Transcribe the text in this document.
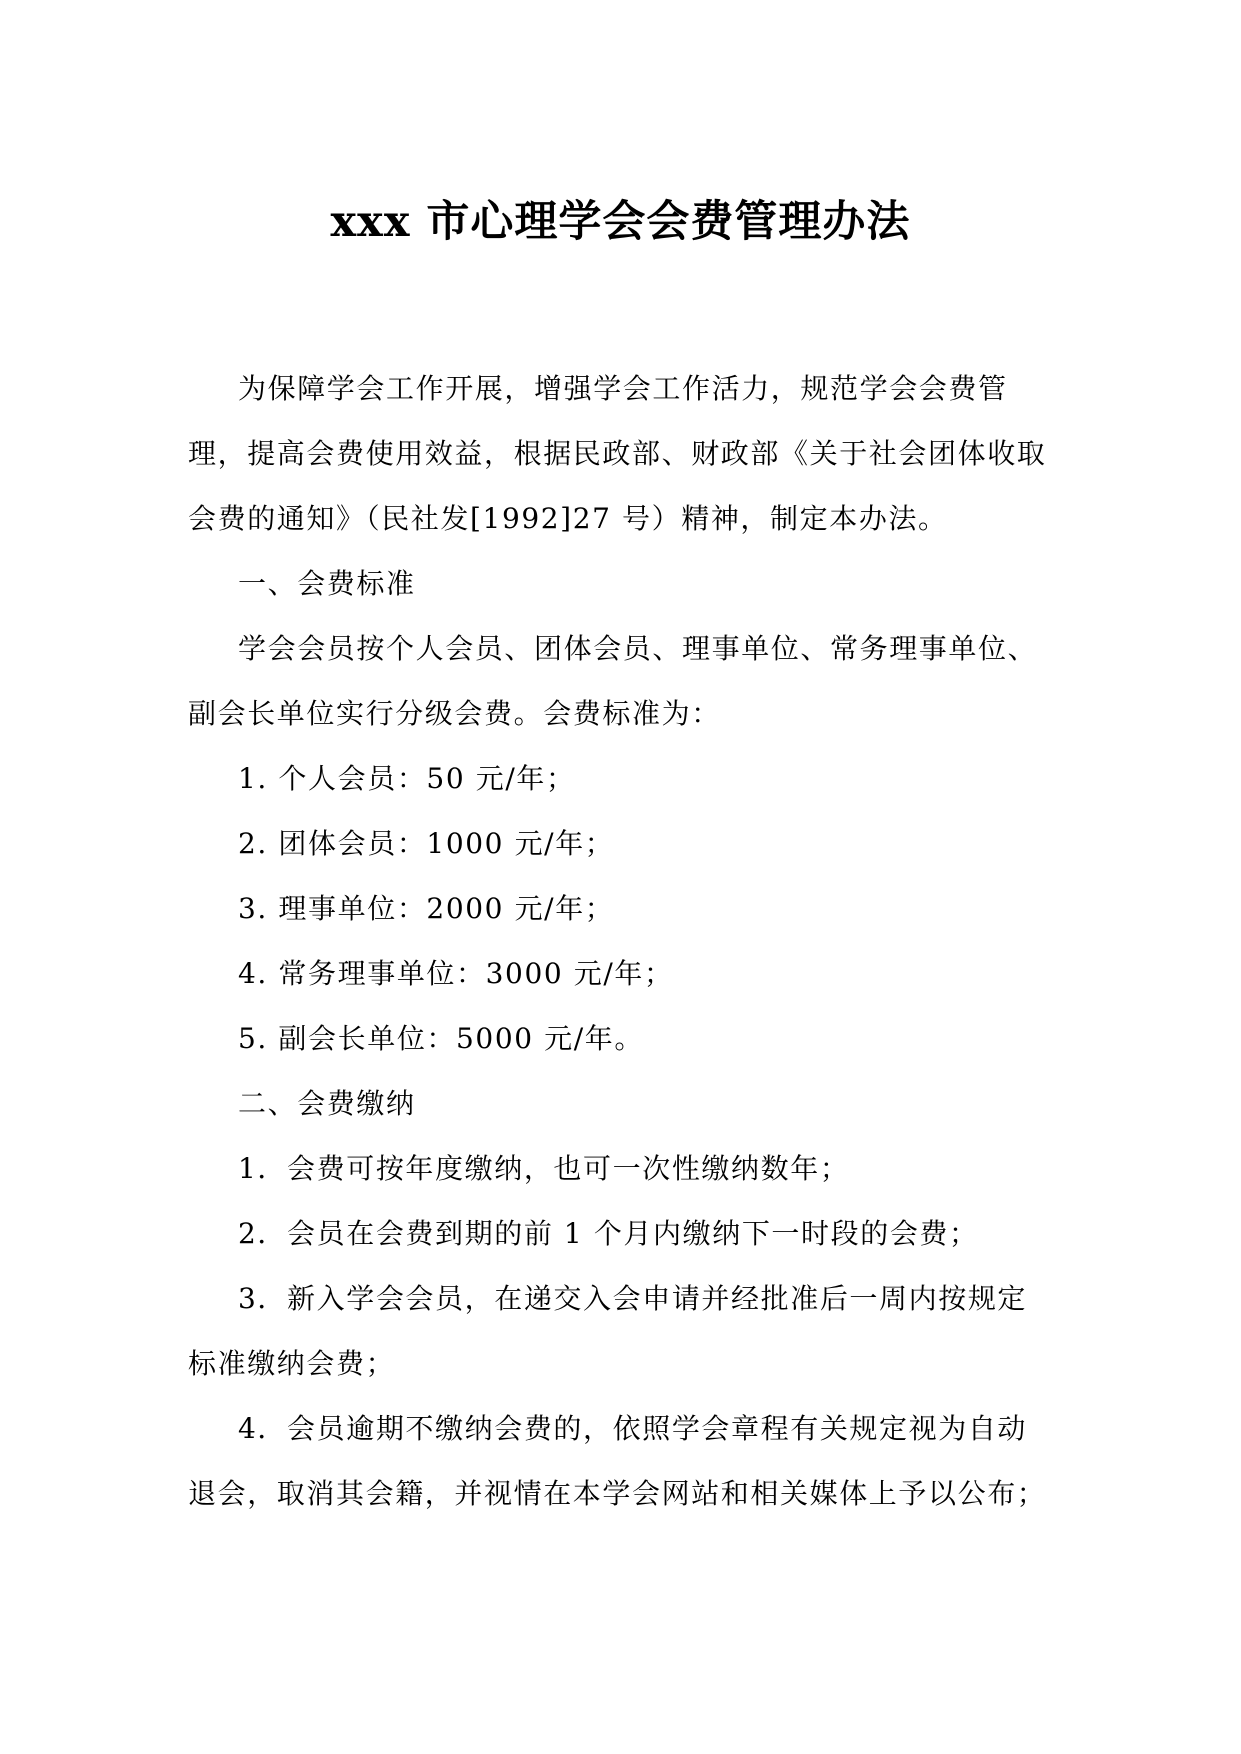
xxx 市心理学会会费管理办法

为保障学会工作开展，增强学会工作活力，规范学会会费管理，提高会费使用效益，根据民政部、财政部《关于社会团体收取会费的通知》（民社发[1992]27 号）精神，制定本办法。

一、会费标准

学会会员按个人会员、团体会员、理事单位、常务理事单位、副会长单位实行分级会费。会费标准为：

1. 个人会员：50 元/年；

2. 团体会员：1000 元/年；

3. 理事单位：2000 元/年；

4. 常务理事单位：3000 元/年；

5. 副会长单位：5000 元/年。

二、会费缴纳

1．会费可按年度缴纳，也可一次性缴纳数年；

2．会员在会费到期的前 1 个月内缴纳下一时段的会费；

3．新入学会会员，在递交入会申请并经批准后一周内按规定标准缴纳会费；

4．会员逾期不缴纳会费的，依照学会章程有关规定视为自动退会，取消其会籍，并视情在本学会网站和相关媒体上予以公布；
